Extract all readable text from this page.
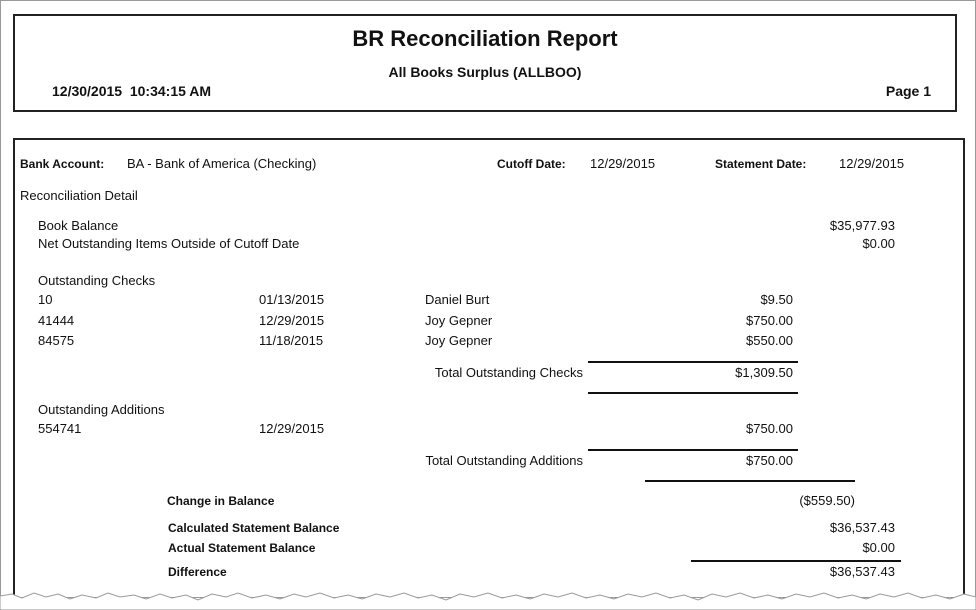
BR Reconciliation Report
All Books Surplus (ALLBOO)
12/30/2015  10:34:15 AM	Page 1
Bank Account: BA - Bank of America (Checking)	Cutoff Date: 12/29/2015	Statement Date:	12/29/2015
Reconciliation Detail
Book Balance	$35,977.93
Net Outstanding Items Outside of Cutoff Date	$0.00
Outstanding Checks
10	01/13/2015	Daniel Burt	$9.50
41444	12/29/2015	Joy Gepner	$750.00
84575	11/18/2015	Joy Gepner	$550.00
Total Outstanding Checks	$1,309.50
Outstanding Additions
554741	12/29/2015	$750.00
Total Outstanding Additions	$750.00
Change in Balance	($559.50)
Calculated Statement Balance	$36,537.43
Actual Statement Balance	$0.00
Difference	$36,537.43
